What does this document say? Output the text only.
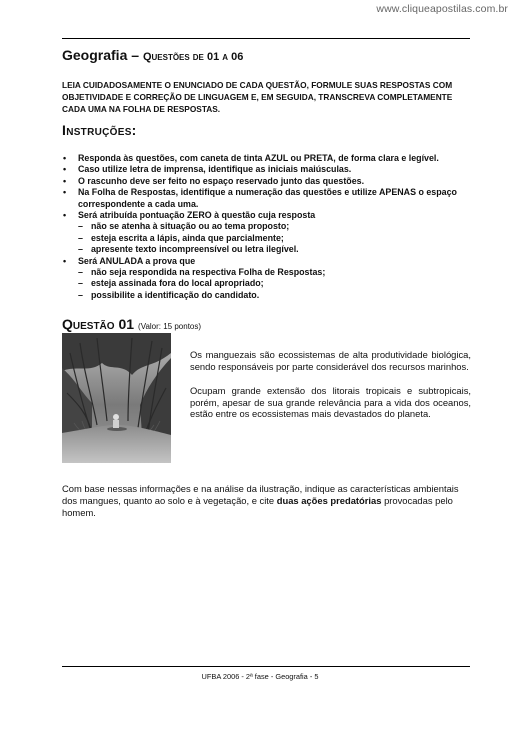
www.cliqueapostilas.com.br
Geografia – Questões de 01 a 06
LEIA CUIDADOSAMENTE O ENUNCIADO DE CADA QUESTÃO, FORMULE SUAS RESPOSTAS COM OBJETIVIDADE E CORREÇÃO DE LINGUAGEM E, EM SEGUIDA, TRANSCREVA COMPLETAMENTE CADA UMA NA FOLHA DE RESPOSTAS.
Instruções:
• Responda às questões, com caneta de tinta AZUL ou PRETA, de forma clara e legível.
• Caso utilize letra de imprensa, identifique as iniciais maiúsculas.
• O rascunho deve ser feito no espaço reservado junto das questões.
• Na Folha de Respostas, identifique a numeração das questões e utilize APENAS o espaço correspondente a cada uma.
• Será atribuída pontuação ZERO à questão cuja resposta
– não se atenha à situação ou ao tema proposto;
– esteja escrita a lápis, ainda que parcialmente;
– apresente texto incompreensível ou letra ilegível.
• Será ANULADA a prova que
– não seja respondida na respectiva Folha de Respostas;
– esteja assinada fora do local apropriado;
– possibilite a identificação do candidato.
Questão 01 (Valor: 15 pontos)

Os manguezais são ecossistemas de alta produtividade biológica, sendo responsáveis por parte considerável dos recursos marinhos.

Ocupam grande extensão dos litorais tropicais e subtropicais, porém, apesar de sua grande relevância para a vida dos oceanos, estão entre os ecossistemas mais devastados do planeta.

Com base nessas informações e na análise da ilustração, indique as características ambientais dos mangues, quanto ao solo e à vegetação, e cite duas ações predatórias provocadas pelo homem.
UFBA 2006 - 2ª fase - Geografia - 5
